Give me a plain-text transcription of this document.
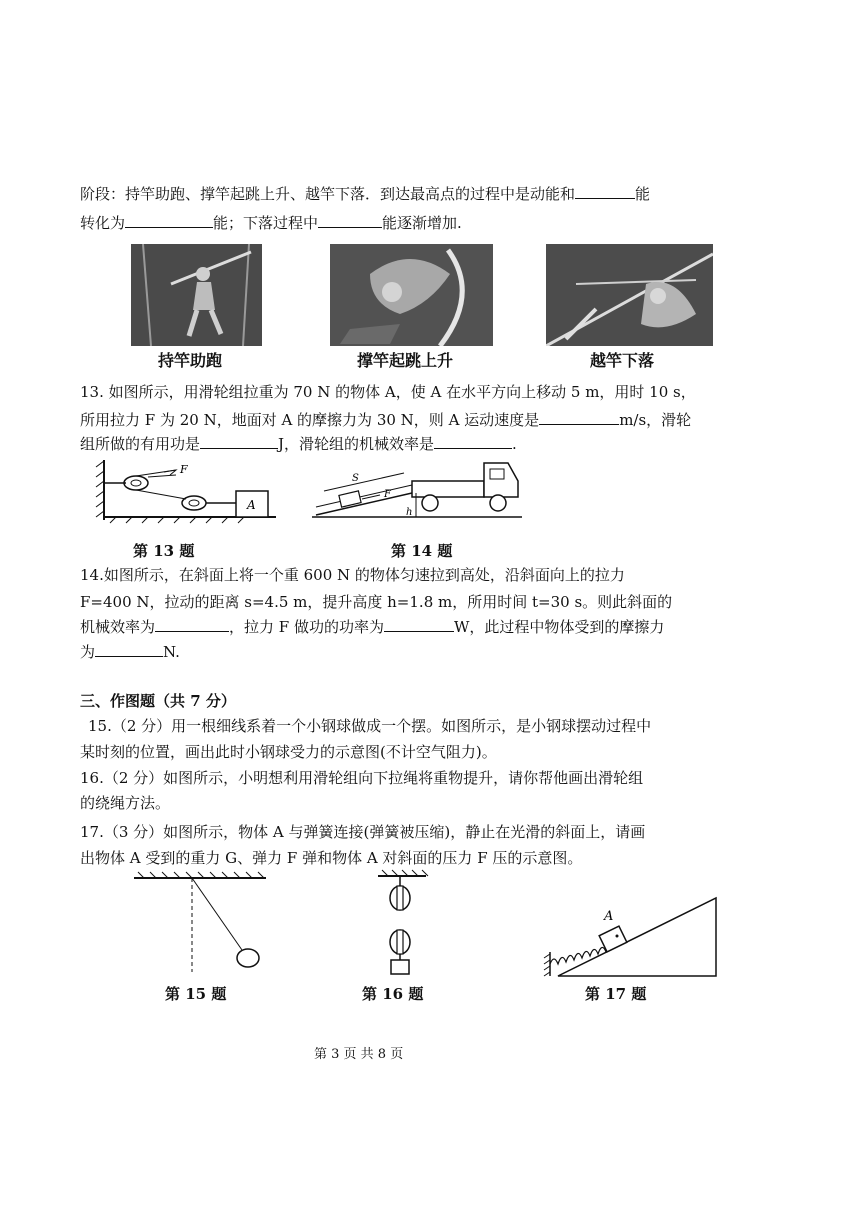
阶段：持竿助跑、撑竿起跳上升、越竿下落．到达最高点的过程中是动能和	能
转化为	能；下落过程中	能逐渐增加.
持竿助跑	撑竿起跳上升	越竿下落
13. 如图所示，用滑轮组拉重为 70 N 的物体 A，使 A 在水平方向上移动 5 m，用时 10 s，
所用拉力 F 为 20 N，地面对 A 的摩擦力为 30 N，则 A 运动速度是	m/s，滑轮
组所做的有用功是	J，滑轮组的机械效率是	.
F
A
第 13 题
S
F
h
第 14 题
14.如图所示，在斜面上将一个重 600 N 的物体匀速拉到高处，沿斜面向上的拉力
F=400 N，拉动的距离 s=4.5 m，提升高度 h=1.8 m，所用时间 t=30 s。则此斜面的
机械效率为	，拉力 F 做功的功率为	W，此过程中物体受到的摩擦力
为	N.
三、作图题（共 7 分）
15.（2 分）用一根细线系着一个小钢球做成一个摆。如图所示，是小钢球摆动过程中
某时刻的位置，画出此时小钢球受力的示意图(不计空气阻力)。
16.（2 分）如图所示，小明想利用滑轮组向下拉绳将重物提升，请你帮他画出滑轮组
的绕绳方法。
17.（3 分）如图所示，物体 A 与弹簧连接(弹簧被压缩)，静止在光滑的斜面上，请画
出物体 A 受到的重力 G、弹力 F 弹和物体 A 对斜面的压力 F 压的示意图。
第 15 题	第 16 题
A
第 17 题
第 3 页 共 8 页
